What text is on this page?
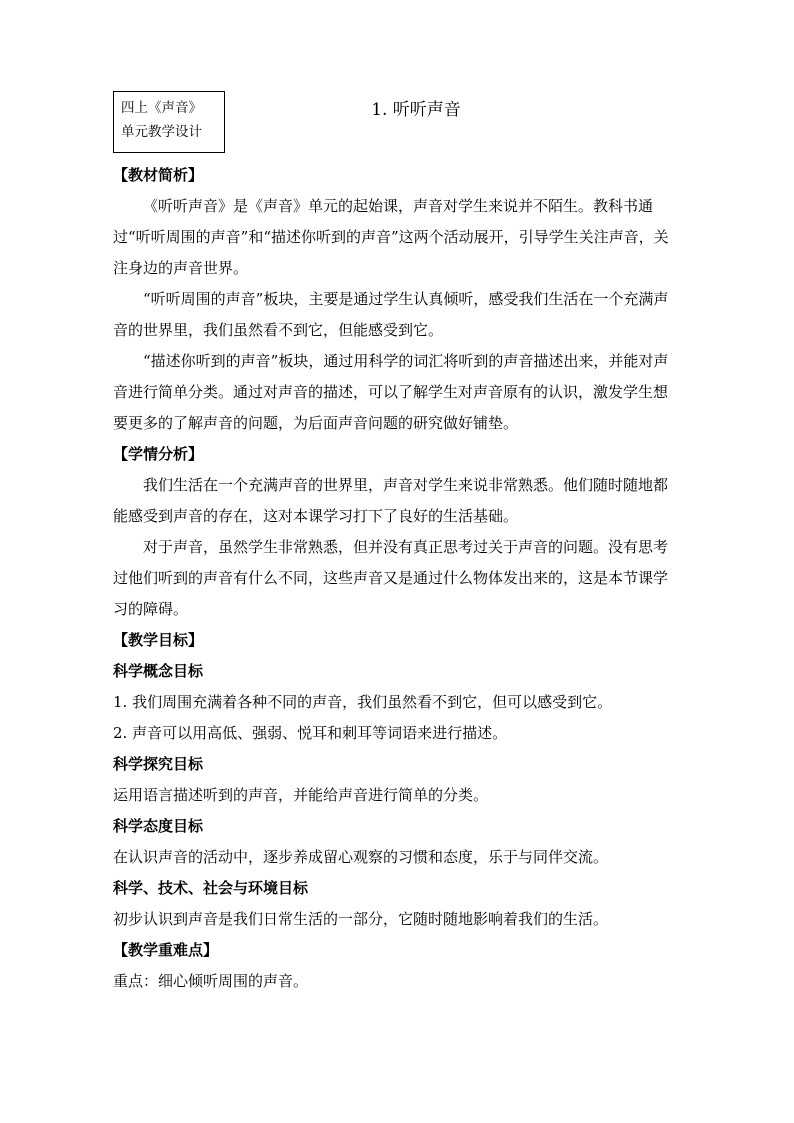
四上《声音》
单元教学设计
1. 听听声音

【教材简析】

《听听声音》是《声音》单元的起始课，声音对学生来说并不陌生。教科书通过“听听周围的声音”和“描述你听到的声音”这两个活动展开，引导学生关注声音，关注身边的声音世界。

“听听周围的声音”板块，主要是通过学生认真倾听，感受我们生活在一个充满声音的世界里，我们虽然看不到它，但能感受到它。

“描述你听到的声音”板块，通过用科学的词汇将听到的声音描述出来，并能对声音进行简单分类。通过对声音的描述，可以了解学生对声音原有的认识，激发学生想要更多的了解声音的问题，为后面声音问题的研究做好铺垫。

【学情分析】

我们生活在一个充满声音的世界里，声音对学生来说非常熟悉。他们随时随地都能感受到声音的存在，这对本课学习打下了良好的生活基础。

对于声音，虽然学生非常熟悉，但并没有真正思考过关于声音的问题。没有思考过他们听到的声音有什么不同，这些声音又是通过什么物体发出来的，这是本节课学习的障碍。

【教学目标】

科学概念目标

1. 我们周围充满着各种不同的声音，我们虽然看不到它，但可以感受到它。

2. 声音可以用高低、强弱、悦耳和刺耳等词语来进行描述。

科学探究目标

运用语言描述听到的声音，并能给声音进行简单的分类。

科学态度目标

在认识声音的活动中，逐步养成留心观察的习惯和态度，乐于与同伴交流。

科学、技术、社会与环境目标

初步认识到声音是我们日常生活的一部分，它随时随地影响着我们的生活。

【教学重难点】

重点：细心倾听周围的声音。
